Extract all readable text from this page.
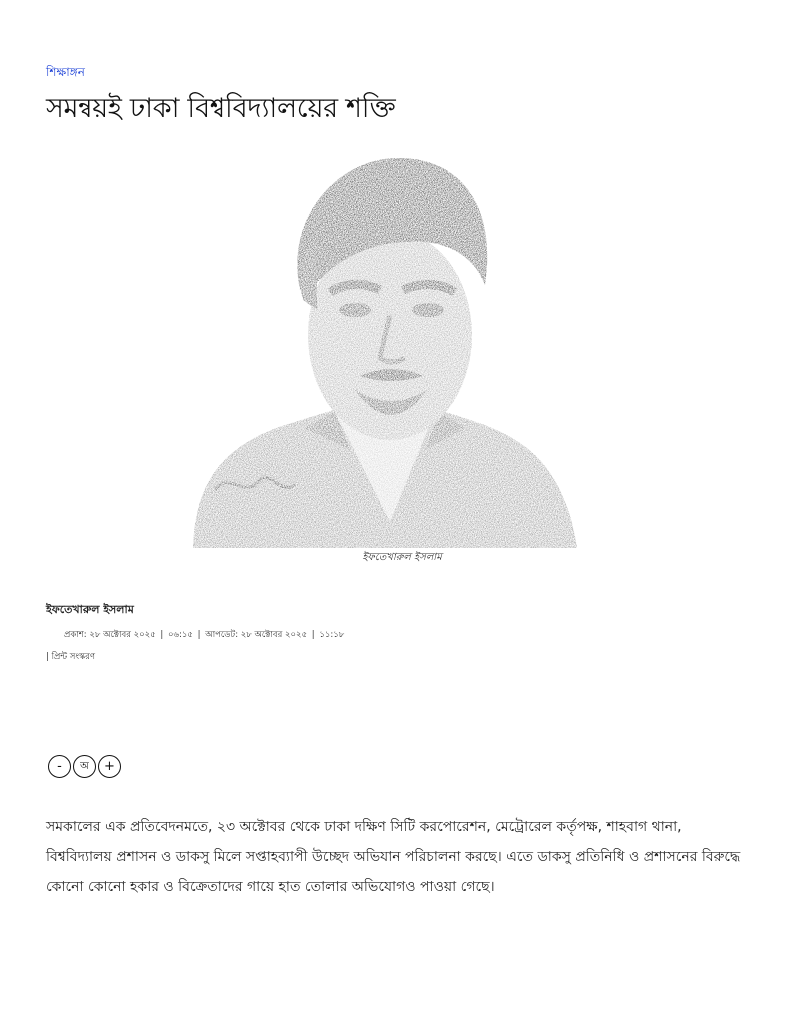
শিক্ষাঙ্গন
সমন্বয়ই ঢাকা বিশ্ববিদ্যালয়ের শক্তি
ইফতেখারুল ইসলাম
ইফতেখারুল ইসলাম
প্রকাশ: ২৮ অক্টোবর ২০২৫ | ০৬:১৫ | আপডেট: ২৮ অক্টোবর ২০২৫ | ১১:১৮
| প্রিন্ট সংস্করণ
-	অ	+

সমকালের এক প্রতিবেদনমতে, ২৩ অক্টোবর থেকে ঢাকা দক্ষিণ সিটি করপোরেশন, মেট্রোরেল কর্তৃপক্ষ, শাহবাগ থানা, বিশ্ববিদ্যালয় প্রশাসন ও ডাকসু মিলে সপ্তাহব্যাপী উচ্ছেদ অভিযান পরিচালনা করছে। এতে ডাকসু প্রতিনিধি ও প্রশাসনের বিরুদ্ধে কোনো কোনো হকার ও বিক্রেতাদের গায়ে হাত তোলার অভিযোগও পাওয়া গেছে।
